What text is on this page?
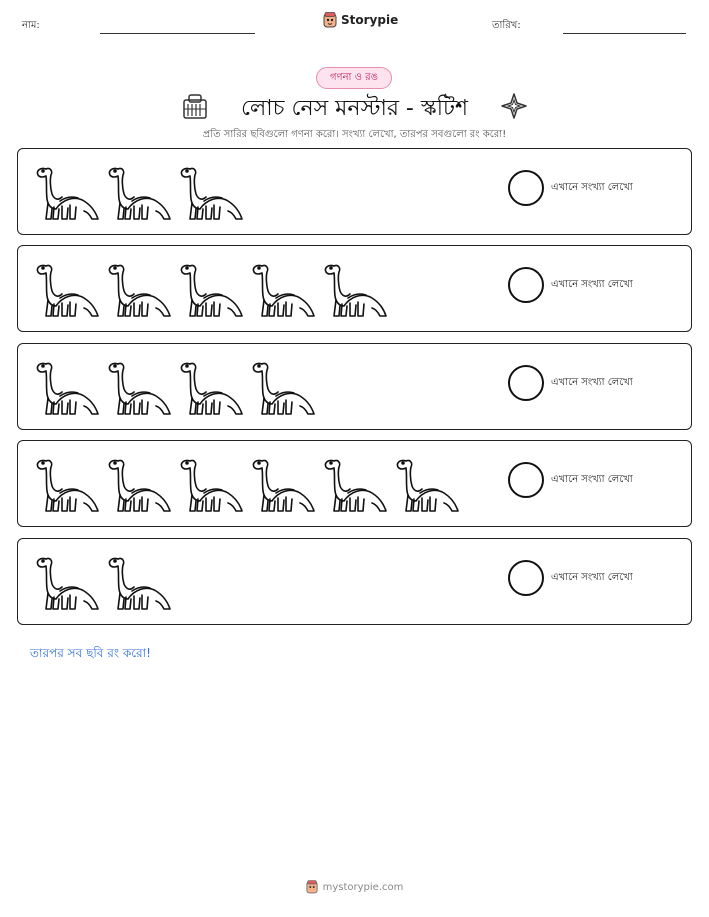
নাম:	Storypie	তারিখ:
গণনা ও রঙ
লোচ নেস মনস্টার - স্কটিশ
প্রতি সারির ছবিগুলো গণনা করো। সংখ্যা লেখো, তারপর সবগুলো রং করো!
এখানে সংখ্যা লেখো
এখানে সংখ্যা লেখো
এখানে সংখ্যা লেখো
এখানে সংখ্যা লেখো
এখানে সংখ্যা লেখো
তারপর সব ছবি রং করো!
mystorypie.com
